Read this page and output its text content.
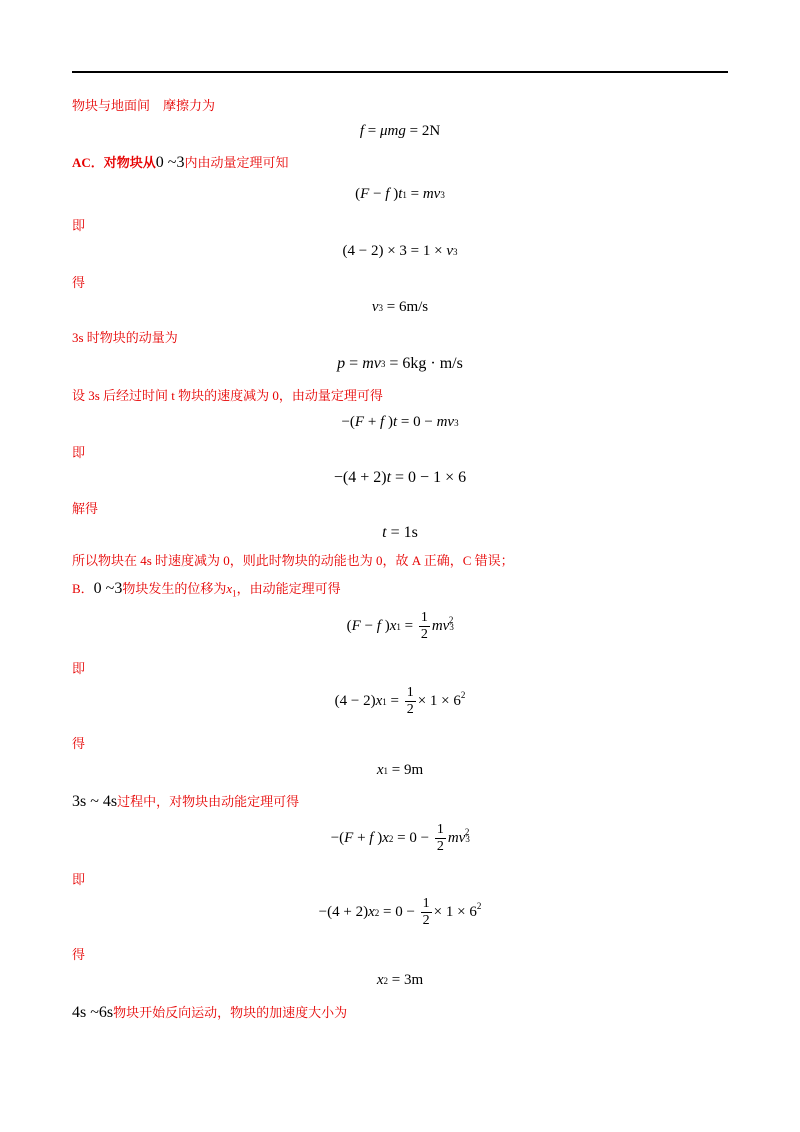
物块与地面间　摩擦力为
f = μmg = 2N
AC．对物块从0 ~3内由动量定理可知
( F − f ) t 1 = mv 3
即
(4 − 2) × 3 = 1 × v 3
得
v 3 = 6m/s
3s 时物块的动量为
p = mv 3 = 6kg · m/s
设 3s 后经过时间 t 物块的速度减为 0，由动量定理可得
−( F + f ) t = 0 − mv 3
即
−(4 + 2) t = 0 − 1 × 6
解得
t = 1s
所以物块在 4s 时速度减为 0，则此时物块的动能也为 0，故 A 正确，C 错误；
B．0 ~3物块发生的位移为$x_1$，由动能定理可得
( F − f ) x $1 = \frac{1}{2}$ mv 3
$^2$
即
(4 − 2) x $1 = \frac{1}{2} \times 1 \times 6^2$
得
x 1 = 9m
3s ~ 4s过程中，对物块由动能定理可得
−( F + f ) x $2 = 0 - \frac{1}{2}$ mv 3
$^2$
即
−(4 + 2) x $2 = 0 - \frac{1}{2} \times 1 \times 6^2$
得
x 2 = 3m
4s ~6s物块开始反向运动，物块的加速度大小为
